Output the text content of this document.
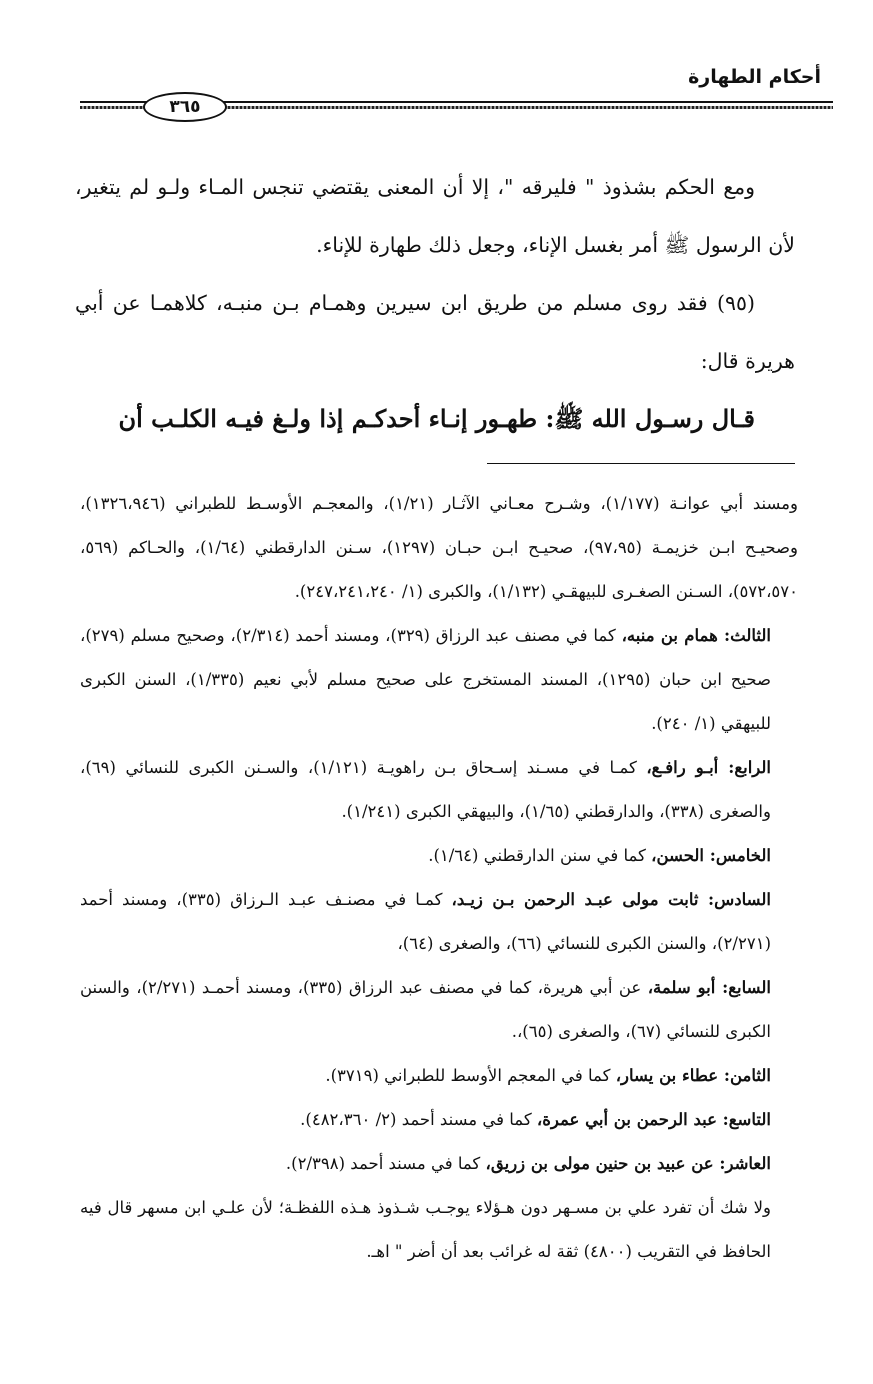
أحكام الطهارة
٣٦٥

ومع الحكم بشذوذ " فليرقه "، إلا أن المعنى يقتضي تنجس المـاء ولـو لم يتغير، لأن الرسول ﷺ أمر بغسل الإناء، وجعل ذلك طهارة للإناء.

(٩٥) فقد روى مسلم من طريق ابن سيرين وهمـام بـن منبـه، كلاهمـا عن أبي هريرة قال:

قـال رسـول الله ﷺ: طهـور إنـاء أحدكـم إذا ولـغ فيـه الكلـب أن

ومسند أبي عوانـة (١/١٧٧)، وشـرح معـاني الآثـار (١/٢١)، والمعجـم الأوسـط للطبراني (١٣٢٦،٩٤٦)، وصحيـح ابـن خزيمـة (٩٧،٩٥)، صحيـح ابـن حبـان (١٢٩٧)، سـنن الدارقطني (١/٦٤)، والحـاكم (٥٦٩، ٥٧٢،٥٧٠)، السـنن الصغـرى للبيهقـي (١/١٣٢)، والكبرى (١/ ٢٤٧،٢٤١،٢٤٠).

الثالث: همام بن منبه، كما في مصنف عبد الرزاق (٣٢٩)، ومسند أحمد (٢/٣١٤)، وصحيح مسلم (٢٧٩)، صحيح ابن حبان (١٢٩٥)، المسند المستخرج على صحيح مسلم لأبي نعيم (١/٣٣٥)، السنن الكبرى للبيهقي (١/ ٢٤٠).

الرابع: أبـو رافـع، كمـا في مسـند إسـحاق بـن راهويـة (١/١٢١)، والسـنن الكبرى للنسائي (٦٩)، والصغرى (٣٣٨)، والدارقطني (١/٦٥)، والبيهقي الكبرى (١/٢٤١).

الخامس: الحسن، كما في سنن الدارقطني (١/٦٤).

السادس: ثابت مولى عبـد الرحمن بـن زيـد، كمـا في مصنـف عبـد الـرزاق (٣٣٥)، ومسند أحمد (٢/٢٧١)، والسنن الكبرى للنسائي (٦٦)، والصغرى (٦٤)،

السابع: أبو سلمة، عن أبي هريرة، كما في مصنف عبد الرزاق (٣٣٥)، ومسند أحمـد (٢/٢٧١)، والسنن الكبرى للنسائي (٦٧)، والصغرى (٦٥)،.

الثامن: عطاء بن يسار، كما في المعجم الأوسط للطبراني (٣٧١٩).

التاسع: عبد الرحمن بن أبي عمرة، كما في مسند أحمد (٢/ ٤٨٢،٣٦٠).

العاشر: عن عبيد بن حنين مولى بن زريق، كما في مسند أحمد (٢/٣٩٨).

ولا شك أن تفرد علي بن مسـهر دون هـؤلاء يوجـب شـذوذ هـذه اللفظـة؛ لأن علـي ابن مسهر قال فيه الحافظ في التقريب (٤٨٠٠) ثقة له غرائب بعد أن أضر " اهـ.
